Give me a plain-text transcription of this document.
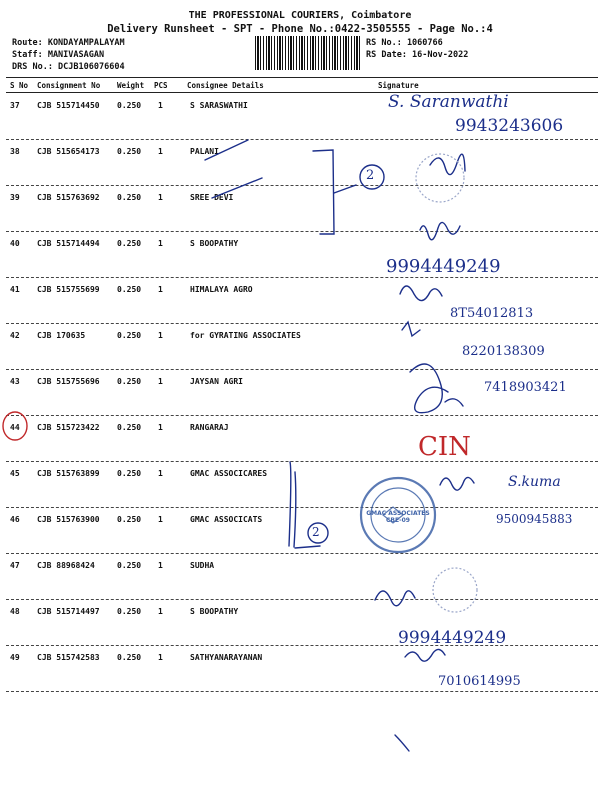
THE PROFESSIONAL COURIERS, Coimbatore
Delivery Runsheet - SPT - Phone No.:0422-3505555 - Page No.:4
Route: KONDAYAMPALAYAM
Staff: MANIVASAGAN
DRS No.: DCJB106076604
RS No.: 1060766
RS Date: 16-Nov-2022
S No Consignment No Weight PCS	Consignee Details	Signature
37 CJB 515714450 0.250 1	S SARASWATHI
38 CJB 515654173 0.250 1	PALANI
39 CJB 515763692 0.250 1	SREE DEVI
40 CJB 515714494 0.250 1	S BOOPATHY
41 CJB 515755699 0.250 1	HIMALAYA AGRO
42 CJB 170635	0.250 1	for GYRATING ASSOCIATES
43 CJB 515755696 0.250 1	JAYSAN AGRI
44 CJB 515723422 0.250 1	RANGARAJ
45 CJB 515763899 0.250 1	GMAC ASSOCICARES
46 CJB 515763900 0.250 1	GMAC ASSOCICATS
47 CJB 88968424	0.250 1	SUDHA
48 CJB 515714497 0.250 1	S BOOPATHY
49 CJB 515742583 0.250 1	SATHYANARAYANAN
S. Saranwathi
9943243606
2
9994449249
8T54012813
8220138309
7418903421
CIN
S.kuma
2
9500945883
9994449249
7010614995
GMAC ASSOCIATES CBE-09
